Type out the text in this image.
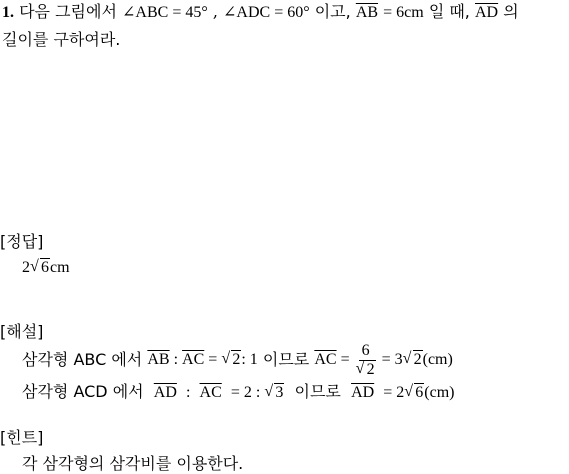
1. 다음 그림에서 ∠ABC = 45° , ∠ADC = 60° 이고, $\overline{AB} = 6cm$ 일 때, $\overline{AD}$ 의
길이를 구하여라.
[정답]
2 √ 6cm
[해설]
삼각형 ABC 에서
$\overline{AB}$ : $\overline{AC}$ = √ 2 : 1
이므로
$\overline{AC} = 6$
√ 2 = 3 √ 2 (cm)
삼각형 ACD 에서 $\overline{AD}$  :  $\overline{AC} = 2$ : √ 3 이므로 $\overline{AD} = 2$ √ 6(cm)
[힌트]
각 삼각형의 삼각비를 이용한다.
